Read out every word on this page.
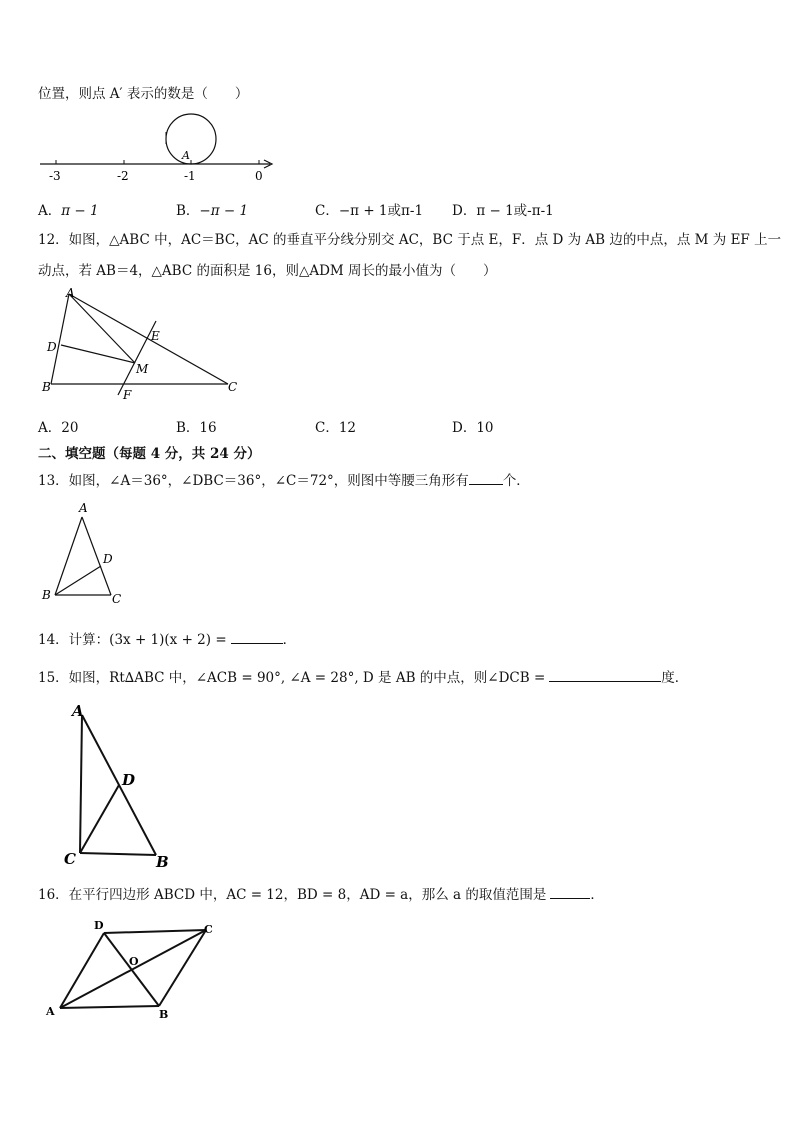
位置，则点 A′ 表示的数是（　　）
A
-3	-2	-1	0
A．π − 1	B．−π − 1	C．−π + 1或π-1 D．π − 1或-π-1
12．如图，△ABC 中，AC＝BC，AC 的垂直平分线分别交 AC，BC 于点 E，F．点 D 为 AB 边的中点，点 M 为 EF 上一
动点，若 AB＝4，△ABC 的面积是 16，则△ADM 周长的最小值为（　　）
A
D
B
E
M
F
C
A．20	B．16	C．12	D．10
二、填空题（每题 4 分，共 24 分）
13．如图，∠A＝36°，∠DBC＝36°，∠C＝72°，则图中等腰三角形有	个．
A
D
B	C
14．计算：(3x + 1)(x + 2) =	．
15．如图，Rt∆ABC 中，∠ACB = 90°, ∠A = 28°, D 是 AB 的中点，则∠DCB =	度．
A
D
C	B
16．在平行四边形 ABCD 中，AC = 12，BD = 8，AD = a，那么 a 的取值范围是	．
D	C
O
A	B
